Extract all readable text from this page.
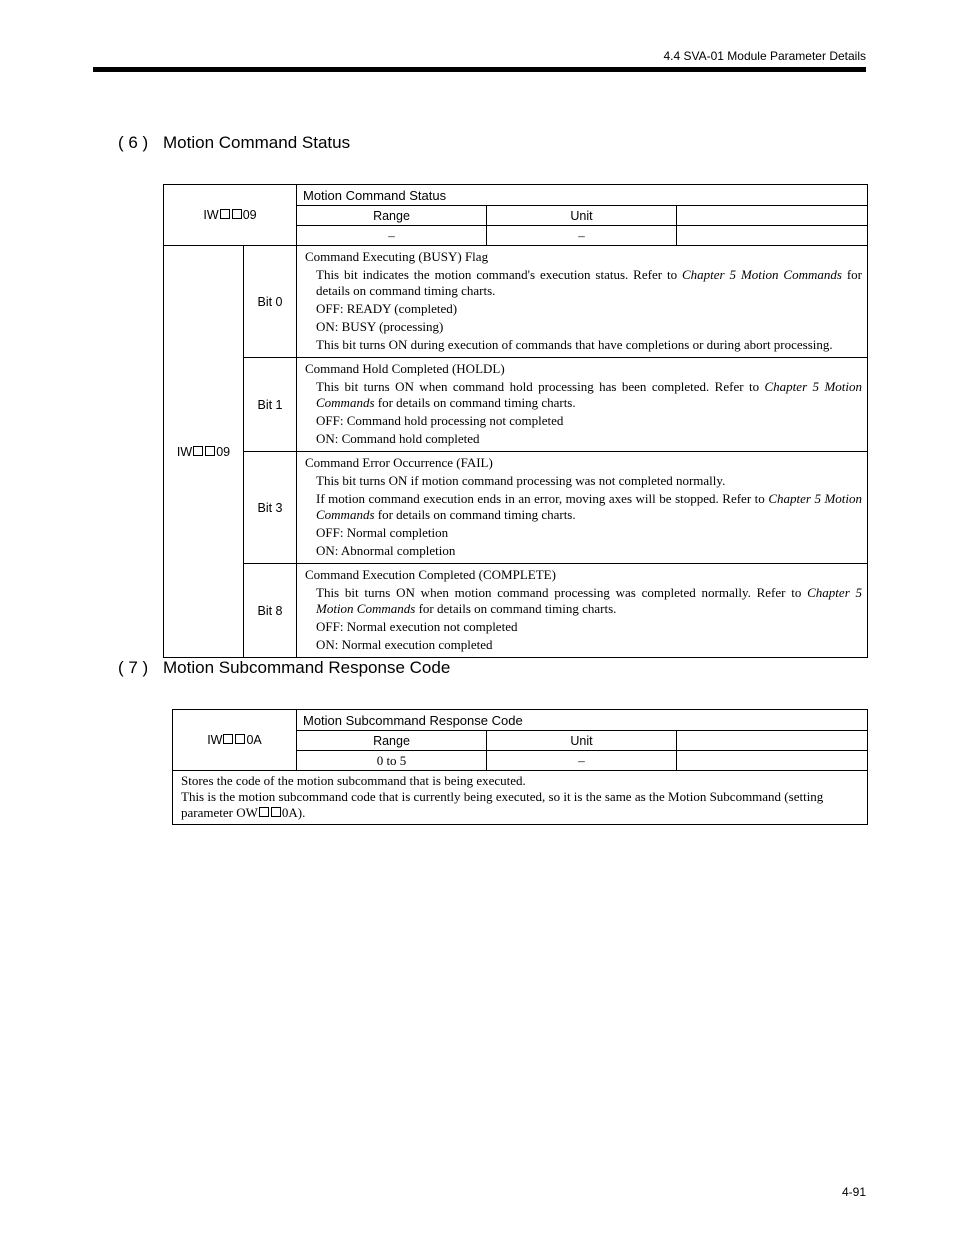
4.4 SVA-01 Module Parameter Details
( 6 ) Motion Command Status
IW 09		Motion Command Status		
		Range	Unit	
		–	–	
IW 09	Bit 0	Command Executing (BUSY) Flag
This bit indicates the motion command's execution status. Refer to Chapter 5 Motion Commands for details on command timing charts.
OFF: READY (completed)
ON: BUSY (processing)
This bit turns ON during execution of commands that have completions or during abort processing.		

	Bit 1	Command Hold Completed (HOLDL)
This bit turns ON when command hold processing has been completed. Refer to Chapter 5 Motion Commands for details on command timing charts.
OFF: Command hold processing not completed
ON: Command hold completed		

	Bit 3	Command Error Occurrence (FAIL)
This bit turns ON if motion command processing was not completed normally.
If motion command execution ends in an error, moving axes will be stopped. Refer to Chapter 5 Motion Commands for details on command timing charts.
OFF: Normal completion
ON: Abnormal completion		

	Bit 8	Command Execution Completed (COMPLETE)
This bit turns ON when motion command processing was completed normally. Refer to Chapter 5 Motion Commands for details on command timing charts.
OFF: Normal execution not completed
ON: Normal execution completed		
( 7 ) Motion Subcommand Response Code
IW 0A	Motion Subcommand Response Code		
	Range	Unit	
	0 to 5	–	

Stores the code of the motion subcommand that is being executed.
This is the motion subcommand code that is currently being executed, so it is the same as the Motion Subcommand (setting parameter OW 0A).			
4-91
